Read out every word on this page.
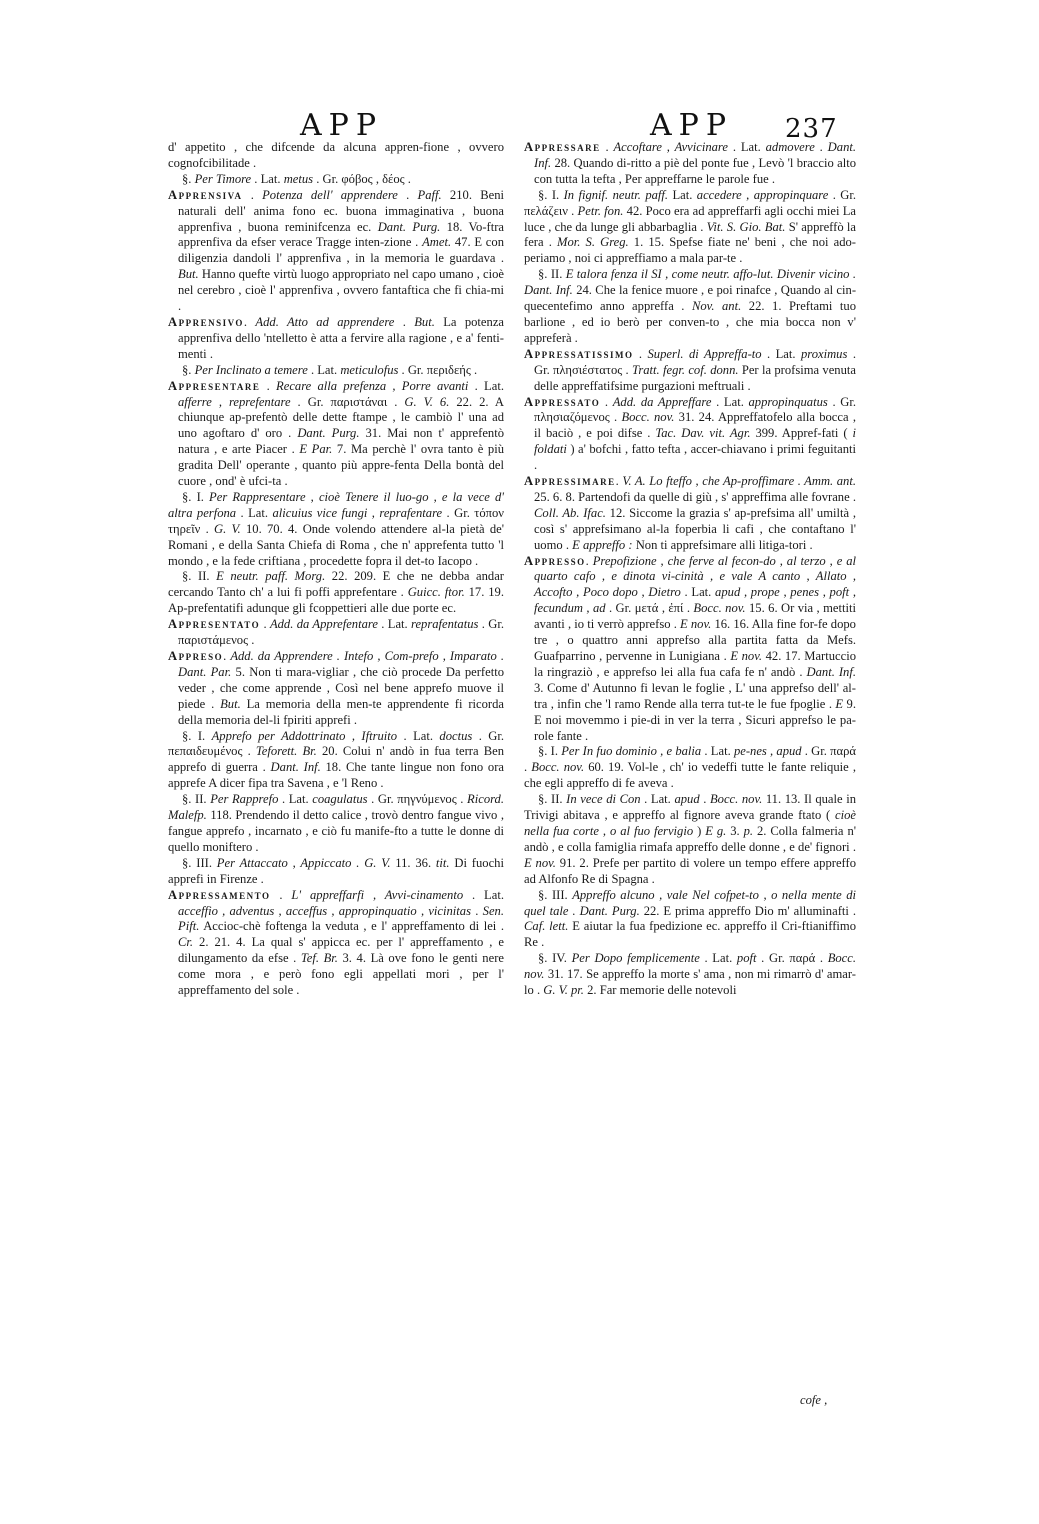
APP	APP 237

d' appetito , che difcende da alcuna appren-fione , ovvero cognofcibilitade .

§. Per Timore . Lat. metus . Gr. φόβος , δέος .

Apprensiva . Potenza dell' apprendere . Paff. 210. Beni naturali dell' anima fono ec. buona immaginativa , buona apprenfiva , buona reminifcenza ec. Dant. Purg. 18. Vo-ftra apprenfiva da efser verace Tragge inten-zione . Amet. 47. E con diligenzia dandoli l' apprenfiva , in la memoria le guardava . But. Hanno quefte virtù luogo appropriato nel capo umano , cioè nel cerebro , cioè l' apprenfiva , ovvero fantaftica che fi chia-mi .

Apprensivo. Add. Atto ad apprendere . But. La potenza apprenfiva dello 'ntelletto è atta a fervire alla ragione , e a' fenti-menti .

§. Per Inclinato a temere . Lat. meticulofus . Gr. περιδεής .

Appresentare . Recare alla prefenza , Porre avanti . Lat. afferre , reprefentare . Gr. παριστάναι . G. V. 6. 22. 2. A chiunque ap-prefentò delle dette ftampe , le cambiò l' una ad uno agoftaro d' oro . Dant. Purg. 31. Mai non t' apprefentò natura , e arte Piacer . E Par. 7. Ma perchè l' ovra tanto è più gradita Dell' operante , quanto più appre-fenta Della bontà del cuore , ond' è ufci-ta .

§. I. Per Rappresentare , cioè Tenere il luo-go , e la vece d' altra perfona . Lat. alicuius vice fungi , reprafentare . Gr. τόπον τηρεῖν . G. V. 10. 70. 4. Onde volendo attendere al-la pietà de' Romani , e della Santa Chiefa di Roma , che n' apprefenta tutto 'l mondo , e la fede criftiana , procedette fopra il det-to Iacopo .

§. II. E neutr. paff. Morg. 22. 209. E che ne debba andar cercando Tanto ch' a lui fi poffi apprefentare . Guicc. ftor. 17. 19. Ap-prefentatifi adunque gli fcoppettieri alle due porte ec.

Appresentato . Add. da Apprefentare . Lat. reprafentatus . Gr. παριστάμενος .

Appreso. Add. da Apprendere . Intefo , Com-prefo , Imparato . Dant. Par. 5. Non ti mara-vigliar , che ciò procede Da perfetto veder , che come apprende , Così nel bene apprefo muove il piede . But. La memoria della men-te apprendente fi ricorda della memoria del-li fpiriti apprefi .

§. I. Apprefo per Addottrinato , Iftruito . Lat. doctus . Gr. πεπαιδευμένος . Teforett. Br. 20. Colui n' andò in fua terra Ben apprefo di guerra . Dant. Inf. 18. Che tante lingue non fono ora apprefe A dicer fipa tra Savena , e 'l Reno .

§. II. Per Rapprefo . Lat. coagulatus . Gr. πηγνύμενος . Ricord. Malefp. 118. Prendendo il detto calice , trovò dentro fangue vivo , fangue apprefo , incarnato , e ciò fu manife-fto a tutte le donne di quello moniftero .

§. III. Per Attaccato , Appiccato . G. V. 11. 36. tit. Di fuochi apprefi in Firenze .

Appressamento . L' appreffarfi , Avvi-cinamento . Lat. acceffio , adventus , acceffus , appropinquatio , vicinitas . Sen. Pift. Accioc-chè foftenga la veduta , e l' appreffamento di lei . Cr. 2. 21. 4. La qual s' appicca ec. per l' appreffamento , e dilungamento da efse . Tef. Br. 3. 4. Là ove fono le genti nere come mora , e però fono egli appellati mori , per l' appreffamento del sole .

Appressare . Accoftare , Avvicinare . Lat. admovere . Dant. Inf. 28. Quando di-ritto a piè del ponte fue , Levò 'l braccio alto con tutta la tefta , Per appreffarne le parole fue .

§. I. In fignif. neutr. paff. Lat. accedere , appropinquare . Gr. πελάζειν . Petr. fon. 42. Poco era ad appreffarfi agli occhi miei La luce , che da lunge gli abbarbaglia . Vit. S. Gio. Bat. S' appreffò la fera . Mor. S. Greg. 1. 15. Spefse fiate ne' beni , che noi ado-periamo , noi ci appreffiamo a mala par-te .

§. II. E talora fenza il SI , come neutr. affo-lut. Divenir vicino . Dant. Inf. 24. Che la fenice muore , e poi rinafce , Quando al cin-quecentefimo anno appreffa . Nov. ant. 22. 1. Preftami tuo barlione , ed io berò per conven-to , che mia bocca non v' appreferà .

Appressatissimo . Superl. di Appreffa-to . Lat. proximus . Gr. πλησιέστατος . Tratt. fegr. cof. donn. Per la profsima venuta delle appreffatifsime purgazioni meftruali .

Appressato . Add. da Appreffare . Lat. appropinquatus . Gr. πλησιαζόμενος . Bocc. nov. 31. 24. Appreffatofelo alla bocca , il baciò , e poi difse . Tac. Dav. vit. Agr. 399. Appref-fati ( i foldati ) a' bofchi , fatto tefta , accer-chiavano i primi feguitanti .

Appressimare. V. A. Lo fteffo , che Ap-proffimare . Amm. ant. 25. 6. 8. Partendofi da quelle di giù , s' appreffima alle fovrane . Coll. Ab. Ifac. 12. Siccome la grazia s' ap-prefsima all' umiltà , così s' apprefsimano al-la foperbia li cafi , che contaftano l' uomo . E appreffo : Non ti apprefsimare alli litiga-tori .

Appresso. Prepofizione , che ferve al fecon-do , al terzo , e al quarto cafo , e dinota vi-cinità , e vale A canto , Allato , Accofto , Poco dopo , Dietro . Lat. apud , prope , penes , poft , fecundum , ad . Gr. μετά , ἐπί . Bocc. nov. 15. 6. Or via , mettiti avanti , io ti verrò apprefso . E nov. 16. 16. Alla fine for-fe dopo tre , o quattro anni apprefso alla partita fatta da Mefs. Guafparrino , pervenne in Lunigiana . E nov. 42. 17. Martuccio la ringraziò , e apprefso lei alla fua cafa fe n' andò . Dant. Inf. 3. Come d' Autunno fi levan le foglie , L' una apprefso dell' al-tra , infin che 'l ramo Rende alla terra tut-te le fue fpoglie . E 9. E noi movemmo i pie-di in ver la terra , Sicuri apprefso le pa-role fante .

§. I. Per In fuo dominio , e balia . Lat. pe-nes , apud . Gr. παρά . Bocc. nov. 60. 19. Vol-le , ch' io vedeffi tutte le fante reliquie , che egli appreffo di fe aveva .

§. II. In vece di Con . Lat. apud . Bocc. nov. 11. 13. Il quale in Trivigi abitava , e appreffo al fignore aveva grande ftato ( cioè nella fua corte , o al fuo fervigio ) E g. 3. p. 2. Colla falmeria n' andò , e colla famiglia rimafa appreffo delle donne , e de' fignori . E nov. 91. 2. Prefe per partito di volere un tempo effere appreffo ad Alfonfo Re di Spagna .

§. III. Appreffo alcuno , vale Nel cofpet-to , o nella mente di quel tale . Dant. Purg. 22. E prima appreffo Dio m' alluminafti . Caf. lett. E aiutar la fua fpedizione ec. appreffo il Cri-ftianiffimo Re .

§. IV. Per Dopo femplicemente . Lat. poft . Gr. παρά . Bocc. nov. 31. 17. Se appreffo la morte s' ama , non mi rimarrò d' amar-lo . G. V. pr. 2. Far memorie delle notevoli

cofe ,
